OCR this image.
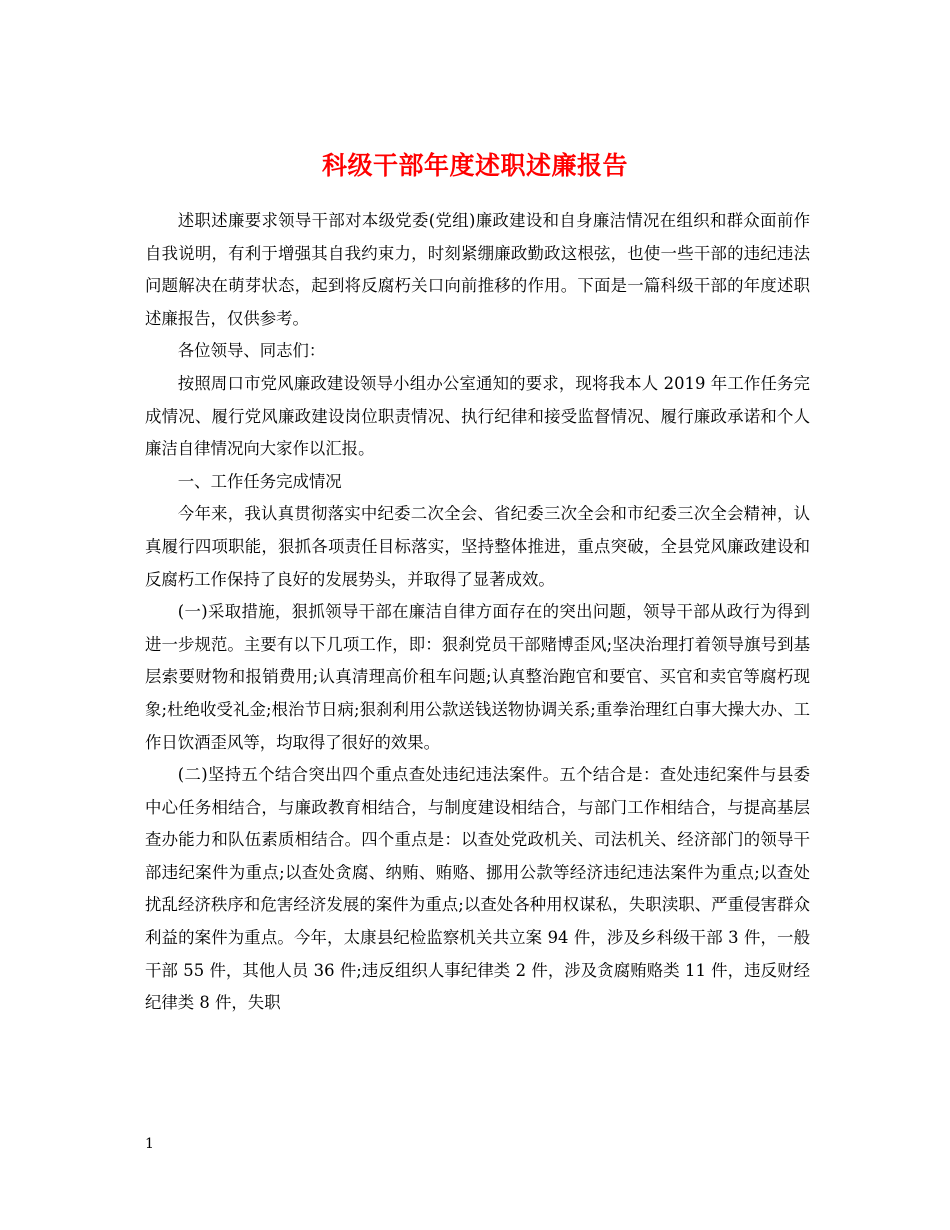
科级干部年度述职述廉报告

述职述廉要求领导干部对本级党委(党组)廉政建设和自身廉洁情况在组织和群众面前作自我说明，有利于增强其自我约束力，时刻紧绷廉政勤政这根弦，也使一些干部的违纪违法问题解决在萌芽状态，起到将反腐朽关口向前推移的作用。下面是一篇科级干部的年度述职述廉报告，仅供参考。

各位领导、同志们：

按照周口市党风廉政建设领导小组办公室通知的要求，现将我本人 2019 年工作任务完成情况、履行党风廉政建设岗位职责情况、执行纪律和接受监督情况、履行廉政承诺和个人廉洁自律情况向大家作以汇报。

一、工作任务完成情况

今年来，我认真贯彻落实中纪委二次全会、省纪委三次全会和市纪委三次全会精神，认真履行四项职能，狠抓各项责任目标落实，坚持整体推进，重点突破，全县党风廉政建设和反腐朽工作保持了良好的发展势头，并取得了显著成效。

(一)采取措施，狠抓领导干部在廉洁自律方面存在的突出问题，领导干部从政行为得到进一步规范。主要有以下几项工作，即：狠刹党员干部赌博歪风;坚决治理打着领导旗号到基层索要财物和报销费用;认真清理高价租车问题;认真整治跑官和要官、买官和卖官等腐朽现象;杜绝收受礼金;根治节日病;狠刹利用公款送钱送物协调关系;重拳治理红白事大操大办、工作日饮酒歪风等，均取得了很好的效果。

(二)坚持五个结合突出四个重点查处违纪违法案件。五个结合是：查处违纪案件与县委中心任务相结合，与廉政教育相结合，与制度建设相结合，与部门工作相结合，与提高基层查办能力和队伍素质相结合。四个重点是：以查处党政机关、司法机关、经济部门的领导干部违纪案件为重点;以查处贪腐、纳贿、贿赂、挪用公款等经济违纪违法案件为重点;以查处扰乱经济秩序和危害经济发展的案件为重点;以查处各种用权谋私，失职渎职、严重侵害群众利益的案件为重点。今年，太康县纪检监察机关共立案 94 件，涉及乡科级干部 3 件，一般干部 55 件，其他人员 36 件;违反组织人事纪律类 2 件，涉及贪腐贿赂类 11 件，违反财经纪律类 8 件，失职

1
